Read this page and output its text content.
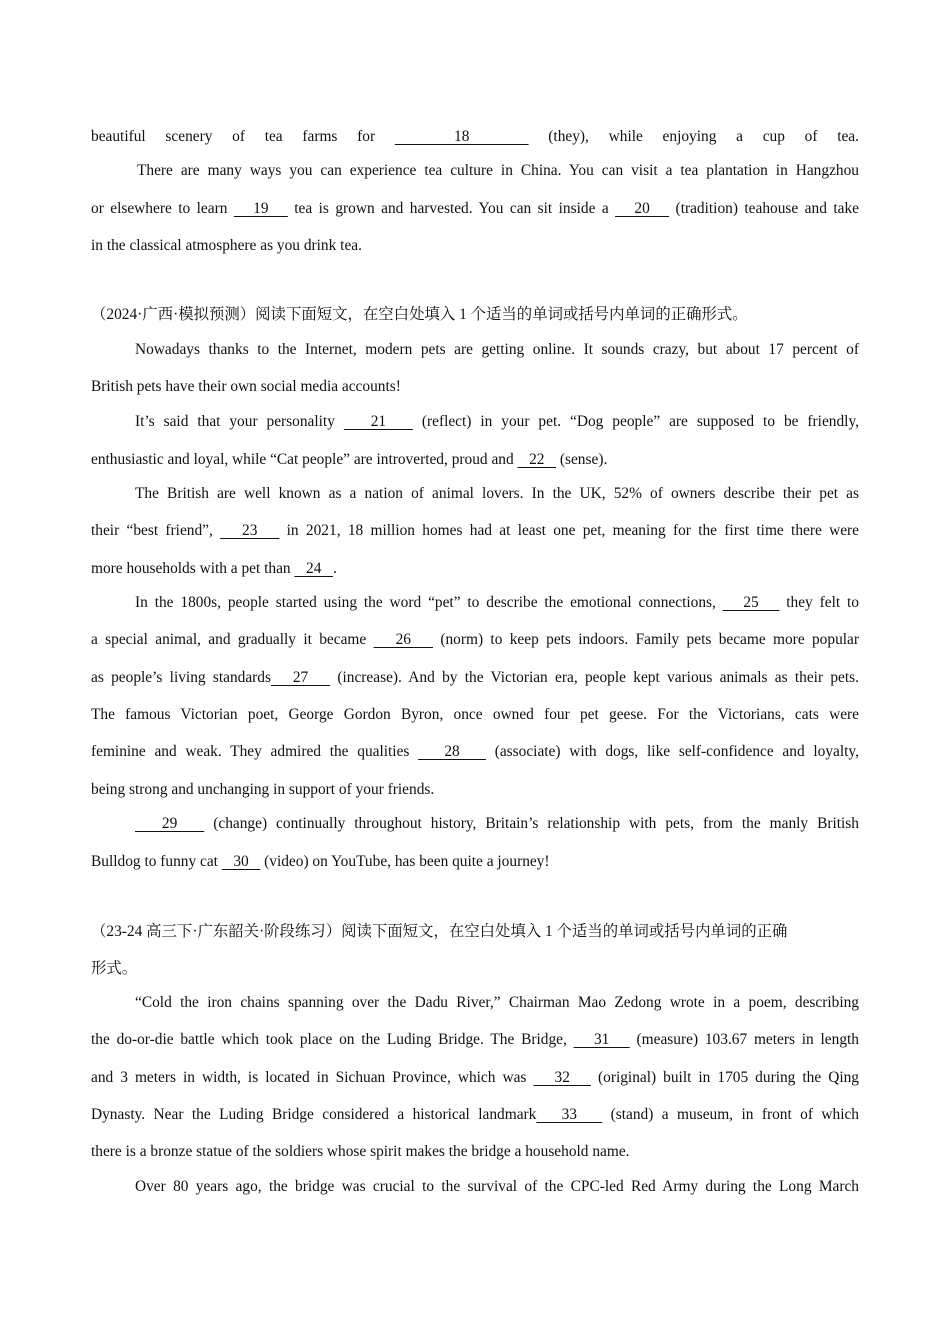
beautiful scenery of tea farms for    18    (they), while enjoying a cup of tea.
There are many ways you can experience tea culture in China. You can visit a tea plantation in Hangzhou
or elsewhere to learn    19    tea is grown and harvested. You can sit inside a    20    (tradition) teahouse and take
in the classical atmosphere as you drink tea.
（2024·广西·模拟预测）阅读下面短文，在空白处填入 1 个适当的单词或括号内单词的正确形式。
Nowadays thanks to the Internet, modern pets are getting online. It sounds crazy, but about 17 percent of
British pets have their own social media accounts!
It’s said that your personality    21    (reflect) in your pet. “Dog people” are supposed to be friendly,
enthusiastic and loyal, while “Cat people” are introverted, proud and    22    (sense).
The British are well known as a nation of animal lovers. In the UK, 52% of owners describe their pet as
their “best friend”,    23    in 2021, 18 million homes had at least one pet, meaning for the first time there were
more households with a pet than    24   .
In the 1800s, people started using the word “pet” to describe the emotional connections,    25    they felt to
a special animal, and gradually it became    26    (norm) to keep pets indoors. Family pets became more popular
as people’s living standards   27    (increase). And by the Victorian era, people kept various animals as their pets.
The famous Victorian poet, George Gordon Byron, once owned four pet geese. For the Victorians, cats were
feminine and weak. They admired the qualities    28    (associate) with dogs, like self-confidence and loyalty,
being strong and unchanging in support of your friends.
29    (change) continually throughout history, Britain’s relationship with pets, from the manly British
Bulldog to funny cat    30    (video) on YouTube, has been quite a journey!
（23-24 高三下·广东韶关·阶段练习）阅读下面短文，在空白处填入 1 个适当的单词或括号内单词的正确
形式。
“Cold the iron chains spanning over the Dadu River,” Chairman Mao Zedong wrote in a poem, describing
the do-or-die battle which took place on the Luding Bridge. The Bridge,    31    (measure) 103.67 meters in length
and 3 meters in width, is located in Sichuan Province, which was    32    (original) built in 1705 during the Qing
Dynasty. Near the Luding Bridge considered a historical landmark   33    (stand) a museum, in front of which
there is a bronze statue of the soldiers whose spirit makes the bridge a household name.
Over 80 years ago, the bridge was crucial to the survival of the CPC-led Red Army during the Long March
